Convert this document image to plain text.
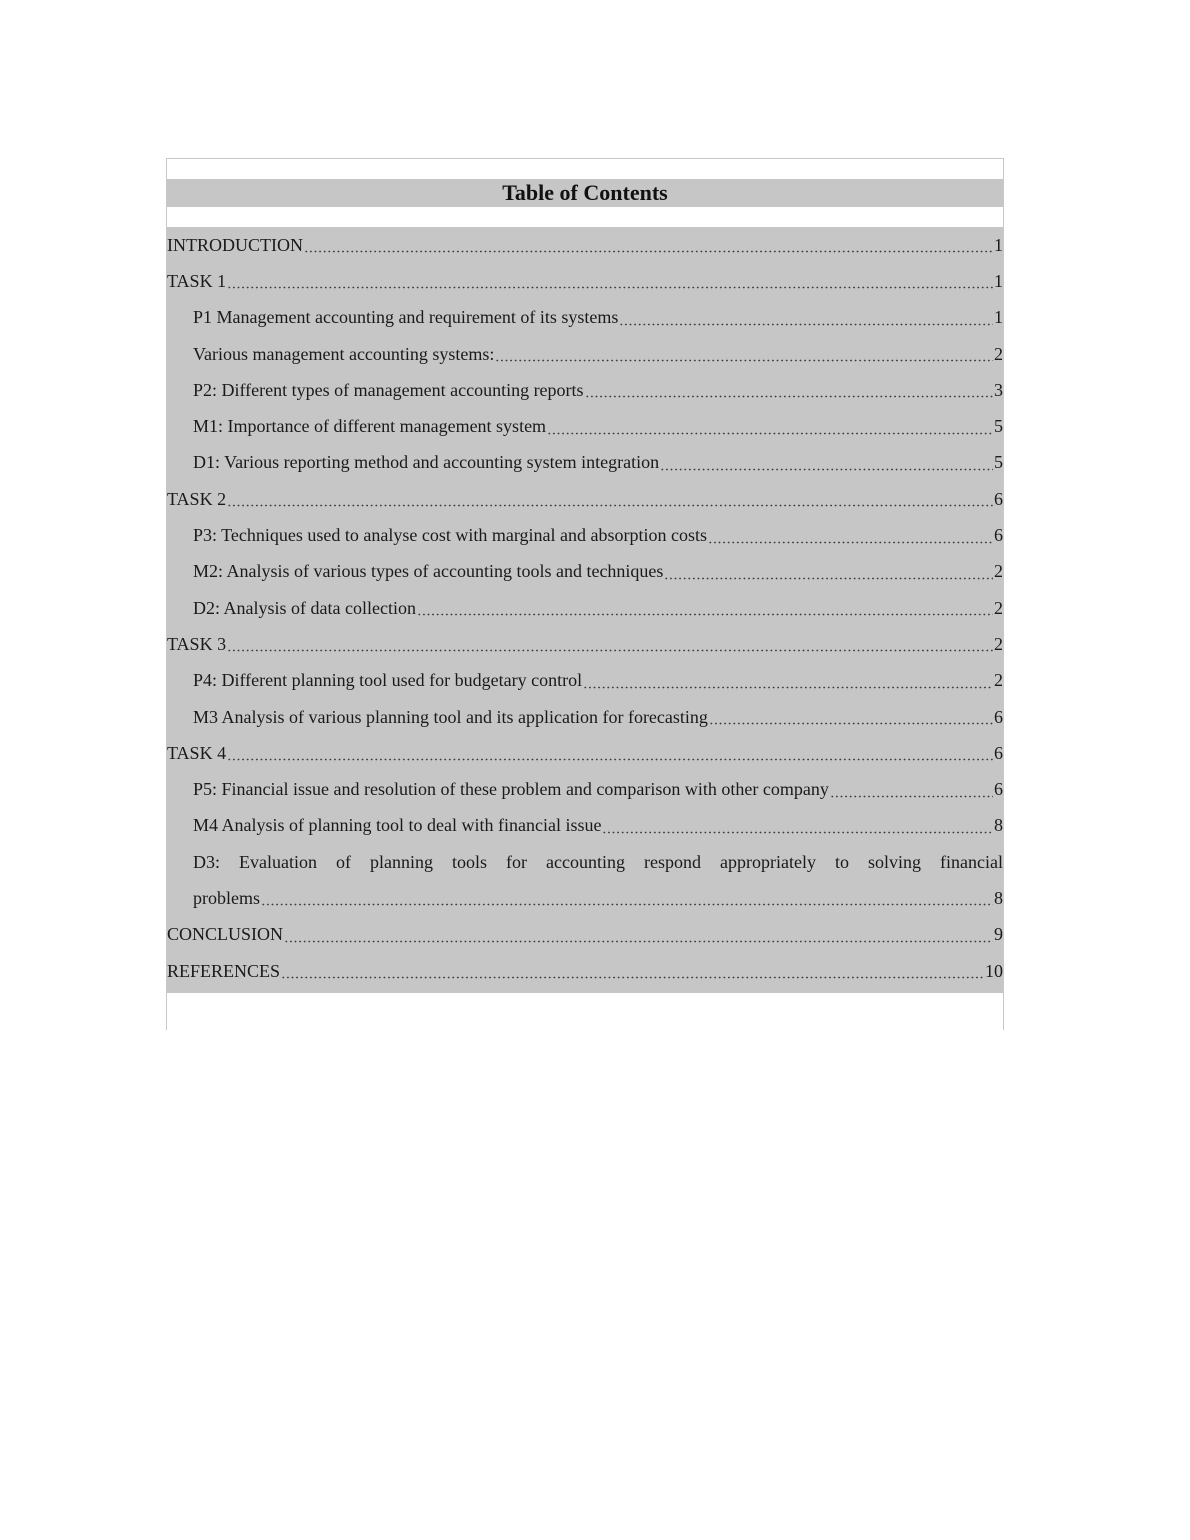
Table of Contents
INTRODUCTION	1
TASK 1	1
P1 Management accounting and requirement of its systems	1
Various management accounting systems:	2
P2: Different types of management accounting reports	3
M1: Importance of different management system	5
D1: Various reporting method and accounting system integration	5
TASK 2	6
P3: Techniques used to analyse cost with marginal and absorption costs	6
M2: Analysis of various types of accounting tools and techniques	2
D2: Analysis of data collection	2
TASK 3	2
P4: Different planning tool used for budgetary control	2
M3 Analysis of various planning tool and its application for forecasting	6
TASK 4	6
P5: Financial issue and resolution of these problem and comparison with other company	6
M4 Analysis of planning tool to deal with financial issue	8
D3: Evaluation of planning tools for accounting respond appropriately to solving financial
problems	8
CONCLUSION	9
REFERENCES	10
